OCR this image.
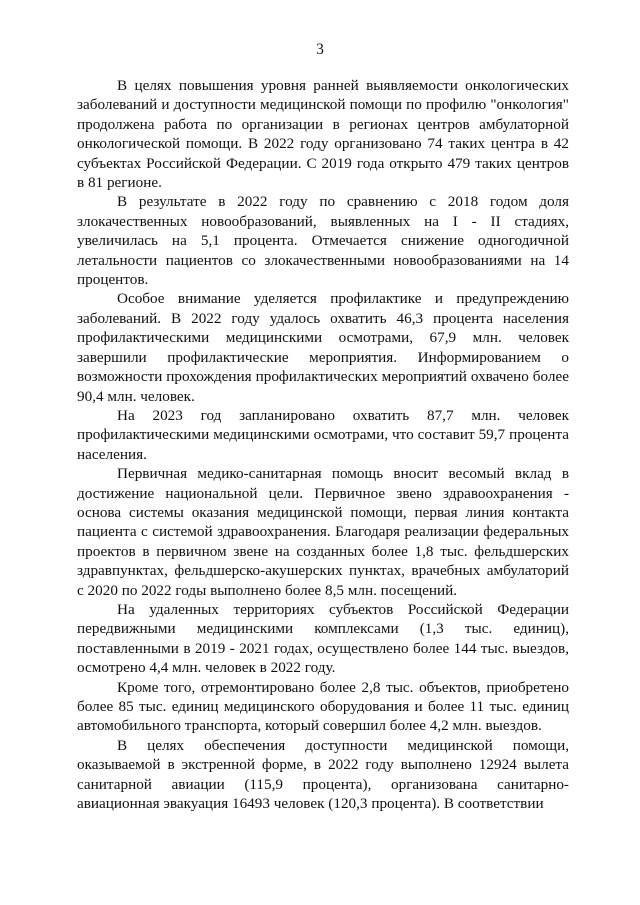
3

В целях повышения уровня ранней выявляемости онкологических заболеваний и доступности медицинской помощи по профилю "онкология" продолжена работа по организации в регионах центров амбулаторной онкологической помощи. В 2022 году организовано 74 таких центра в 42 субъектах Российской Федерации. С 2019 года открыто 479 таких центров в 81 регионе.

В результате в 2022 году по сравнению с 2018 годом доля злокачественных новообразований, выявленных на I - II стадиях, увеличилась на 5,1 процента. Отмечается снижение одногодичной летальности пациентов со злокачественными новообразованиями на 14 процентов.

Особое внимание уделяется профилактике и предупреждению заболеваний. В 2022 году удалось охватить 46,3 процента населения профилактическими медицинскими осмотрами, 67,9 млн. человек завершили профилактические мероприятия. Информированием о возможности прохождения профилактических мероприятий охвачено более 90,4 млн. человек.

На 2023 год запланировано охватить 87,7 млн. человек профилактическими медицинскими осмотрами, что составит 59,7 процента населения.

Первичная медико-санитарная помощь вносит весомый вклад в достижение национальной цели. Первичное звено здравоохранения - основа системы оказания медицинской помощи, первая линия контакта пациента с системой здравоохранения. Благодаря реализации федеральных проектов в первичном звене на созданных более 1,8 тыс. фельдшерских здравпунктах, фельдшерско-акушерских пунктах, врачебных амбулаторий с 2020 по 2022 годы выполнено более 8,5 млн. посещений.

На удаленных территориях субъектов Российской Федерации передвижными медицинскими комплексами (1,3 тыс. единиц), поставленными в 2019 - 2021 годах, осуществлено более 144 тыс. выездов, осмотрено 4,4 млн. человек в 2022 году.

Кроме того, отремонтировано более 2,8 тыс. объектов, приобретено более 85 тыс. единиц медицинского оборудования и более 11 тыс. единиц автомобильного транспорта, который совершил более 4,2 млн. выездов.

В целях обеспечения доступности медицинской помощи, оказываемой в экстренной форме, в 2022 году выполнено 12924 вылета санитарной авиации (115,9 процента), организована санитарно-авиационная эвакуация 16493 человек (120,3 процента). В соответствии
